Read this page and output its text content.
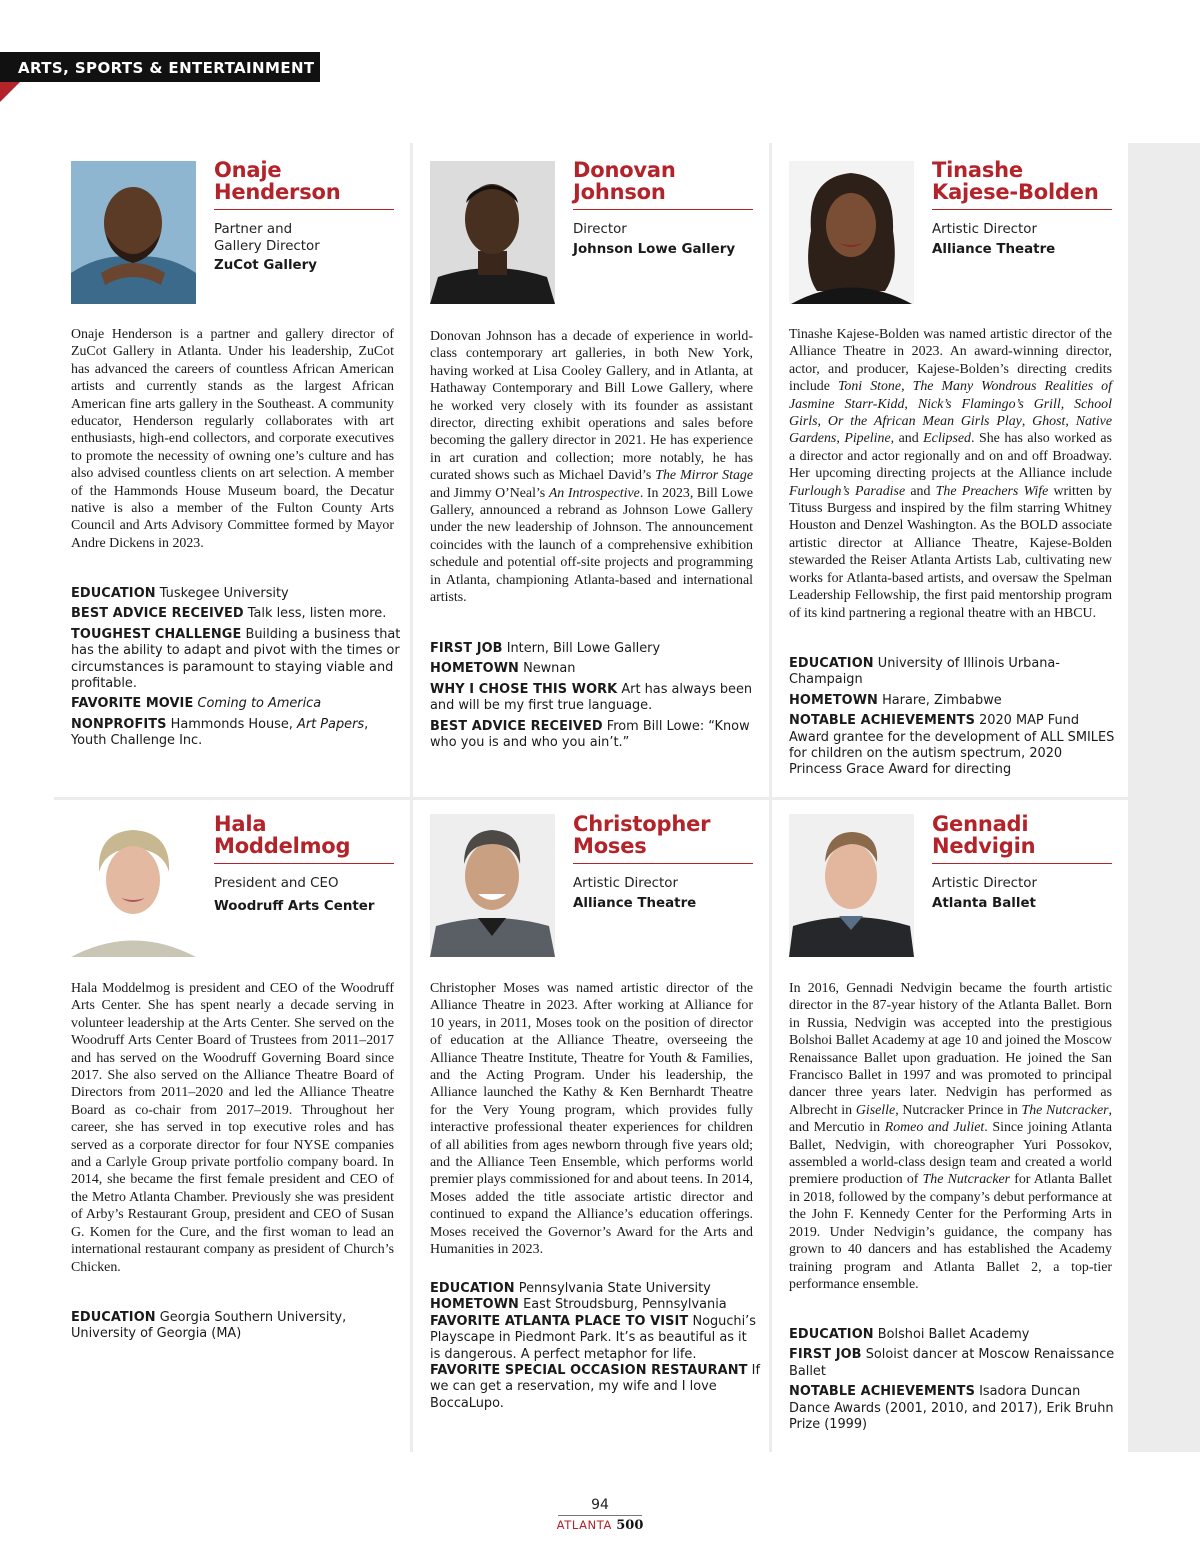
ARTS, SPORTS & ENTERTAINMENT
Onaje
Henderson
Partner and
Gallery Director
ZuCot Gallery
Onaje Henderson is a partner and gallery director of ZuCot Gallery in Atlanta. Under his leadership, ZuCot has advanced the careers of countless African American artists and currently stands as the largest African American fine arts gallery in the Southeast. A community educator, Henderson regularly collaborates with art enthusiasts, high-end collectors, and corporate executives to promote the necessity of owning one’s culture and has also advised countless clients on art selection. A member of the Hammonds House Museum board, the Decatur native is also a member of the Fulton County Arts Council and Arts Advisory Committee formed by Mayor Andre Dickens in 2023.
EDUCATION Tuskegee University
BEST ADVICE RECEIVED Talk less, listen more.
TOUGHEST CHALLENGE Building a business that has the ability to adapt and pivot with the times or circumstances is paramount to staying viable and profitable.
FAVORITE MOVIE Coming to America
NONPROFITS Hammonds House, Art Papers, Youth Challenge Inc.
Donovan
Johnson
Director
Johnson Lowe Gallery
Donovan Johnson has a decade of experience in world-class contemporary art galleries, in both New York, having worked at Lisa Cooley Gallery, and in Atlanta, at Hathaway Contemporary and Bill Lowe Gallery, where he worked very closely with its founder as assistant director, directing exhibit operations and sales before becoming the gallery director in 2021. He has experience in art curation and collection; more notably, he has curated shows such as Michael David’s The Mirror Stage and Jimmy O’Neal’s An Introspective. In 2023, Bill Lowe Gallery, announced a rebrand as Johnson Lowe Gallery under the new leadership of Johnson. The announcement coincides with the launch of a comprehensive exhibition schedule and potential off-site projects and programming in Atlanta, championing Atlanta-based and international artists.
FIRST JOB Intern, Bill Lowe Gallery
HOMETOWN Newnan
WHY I CHOSE THIS WORK Art has always been and will be my first true language.
BEST ADVICE RECEIVED From Bill Lowe: “Know who you is and who you ain’t.”
Tinashe
Kajese-Bolden
Artistic Director
Alliance Theatre
Tinashe Kajese-Bolden was named artistic director of the Alliance Theatre in 2023. An award-winning director, actor, and producer, Kajese-Bolden’s directing credits include Toni Stone, The Many Wondrous Realities of Jasmine Starr-Kidd, Nick’s Flamingo’s Grill, School Girls, Or the African Mean Girls Play, Ghost, Native Gardens, Pipeline, and Eclipsed. She has also worked as a director and actor regionally and on and off Broadway. Her upcoming directing projects at the Alliance include Furlough’s Paradise and The Preachers Wife written by Tituss Burgess and inspired by the film starring Whitney Houston and Denzel Washington. As the BOLD associate artistic director at Alliance Theatre, Kajese-Bolden stewarded the Reiser Atlanta Artists Lab, cultivating new works for Atlanta-based artists, and oversaw the Spelman Leadership Fellowship, the first paid mentorship program of its kind partnering a regional theatre with an HBCU.
EDUCATION University of Illinois Urbana-Champaign
HOMETOWN Harare, Zimbabwe
NOTABLE ACHIEVEMENTS 2020 MAP Fund Award grantee for the development of ALL SMILES for children on the autism spectrum, 2020 Princess Grace Award for directing
Hala
Moddelmog
President and CEO
Woodruff Arts Center
Hala Moddelmog is president and CEO of the Woodruff Arts Center. She has spent nearly a decade serving in volunteer leadership at the Arts Center. She served on the Woodruff Arts Center Board of Trustees from 2011–2017 and has served on the Woodruff Governing Board since 2017. She also served on the Alliance Theatre Board of Directors from 2011–2020 and led the Alliance Theatre Board as co-chair from 2017–2019. Throughout her career, she has served in top executive roles and has served as a corporate director for four NYSE companies and a Carlyle Group private portfolio company board. In 2014, she became the first female president and CEO of the Metro Atlanta Chamber. Previously she was president of Arby’s Restaurant Group, president and CEO of Susan G. Komen for the Cure, and the first woman to lead an international restaurant company as president of Church’s Chicken.
EDUCATION Georgia Southern University, University of Georgia (MA)
Christopher
Moses
Artistic Director
Alliance Theatre
Christopher Moses was named artistic director of the Alliance Theatre in 2023. After working at Alliance for 10 years, in 2011, Moses took on the position of director of education at the Alliance Theatre, overseeing the Alliance Theatre Institute, Theatre for Youth & Families, and the Acting Program. Under his leadership, the Alliance launched the Kathy & Ken Bernhardt Theatre for the Very Young program, which provides fully interactive professional theater experiences for children of all abilities from ages newborn through five years old; and the Alliance Teen Ensemble, which performs world premier plays commissioned for and about teens. In 2014, Moses added the title associate artistic director and continued to expand the Alliance’s education offerings. Moses received the Governor’s Award for the Arts and Humanities in 2023.
EDUCATION Pennsylvania State University
HOMETOWN East Stroudsburg, Pennsylvania
FAVORITE ATLANTA PLACE TO VISIT Noguchi’s Playscape in Piedmont Park. It’s as beautiful as it is dangerous. A perfect metaphor for life.
FAVORITE SPECIAL OCCASION RESTAURANT If we can get a reservation, my wife and I love BoccaLupo.
Gennadi
Nedvigin
Artistic Director
Atlanta Ballet
In 2016, Gennadi Nedvigin became the fourth artistic director in the 87-year history of the Atlanta Ballet. Born in Russia, Nedvigin was accepted into the prestigious Bolshoi Ballet Academy at age 10 and joined the Moscow Renaissance Ballet upon graduation. He joined the San Francisco Ballet in 1997 and was promoted to principal dancer three years later. Nedvigin has performed as Albrecht in Giselle, Nutcracker Prince in The Nutcracker, and Mercutio in Romeo and Juliet. Since joining Atlanta Ballet, Nedvigin, with choreographer Yuri Possokov, assembled a world-class design team and created a world premiere production of The Nutcracker for Atlanta Ballet in 2018, followed by the company’s debut performance at the John F. Kennedy Center for the Performing Arts in 2019. Under Nedvigin’s guidance, the company has grown to 40 dancers and has established the Academy training program and Atlanta Ballet 2, a top-tier performance ensemble.
EDUCATION Bolshoi Ballet Academy
FIRST JOB Soloist dancer at Moscow Renaissance Ballet
NOTABLE ACHIEVEMENTS Isadora Duncan Dance Awards (2001, 2010, and 2017), Erik Bruhn Prize (1999)
94
ATLANTA 500
